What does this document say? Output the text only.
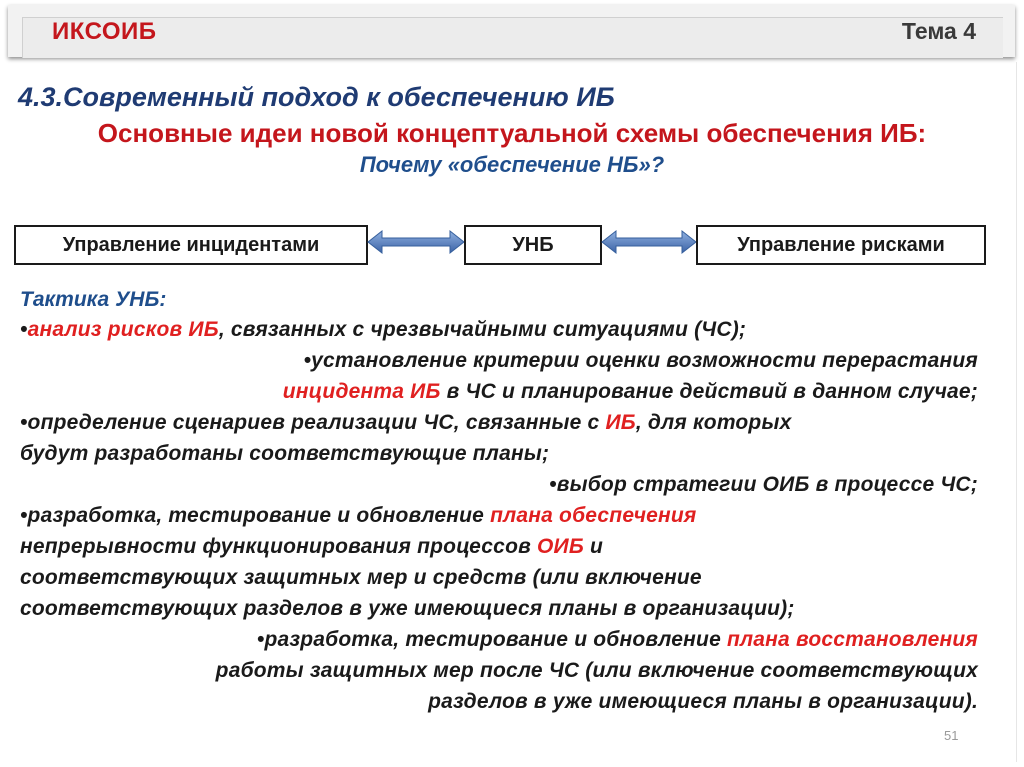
ИКСОИБ	Тема 4
4.3.Современный подход к обеспечению ИБ
Основные идеи новой концептуальной схемы обеспечения ИБ:
Почему «обеспечение НБ»?
Управление инцидентами	УНБ	Управление рисками
Тактика УНБ:
•анализ рисков ИБ, связанных с чрезвычайными ситуациями (ЧС);
•установление критерии оценки возможности перерастания
инцидента ИБ в ЧС и планирование действий в данном случае;
•определение сценариев реализации ЧС, связанные с ИБ, для которых
будут разработаны соответствующие планы;
•выбор стратегии ОИБ в процессе ЧС;
•разработка, тестирование и обновление плана обеспечения
непрерывности функционирования процессов ОИБ и
соответствующих защитных мер и средств (или включение
соответствующих разделов в уже имеющиеся планы в организации);
•разработка, тестирование и обновление плана восстановления
работы защитных мер после ЧС (или включение соответствующих
разделов в уже имеющиеся планы в организации).
51
